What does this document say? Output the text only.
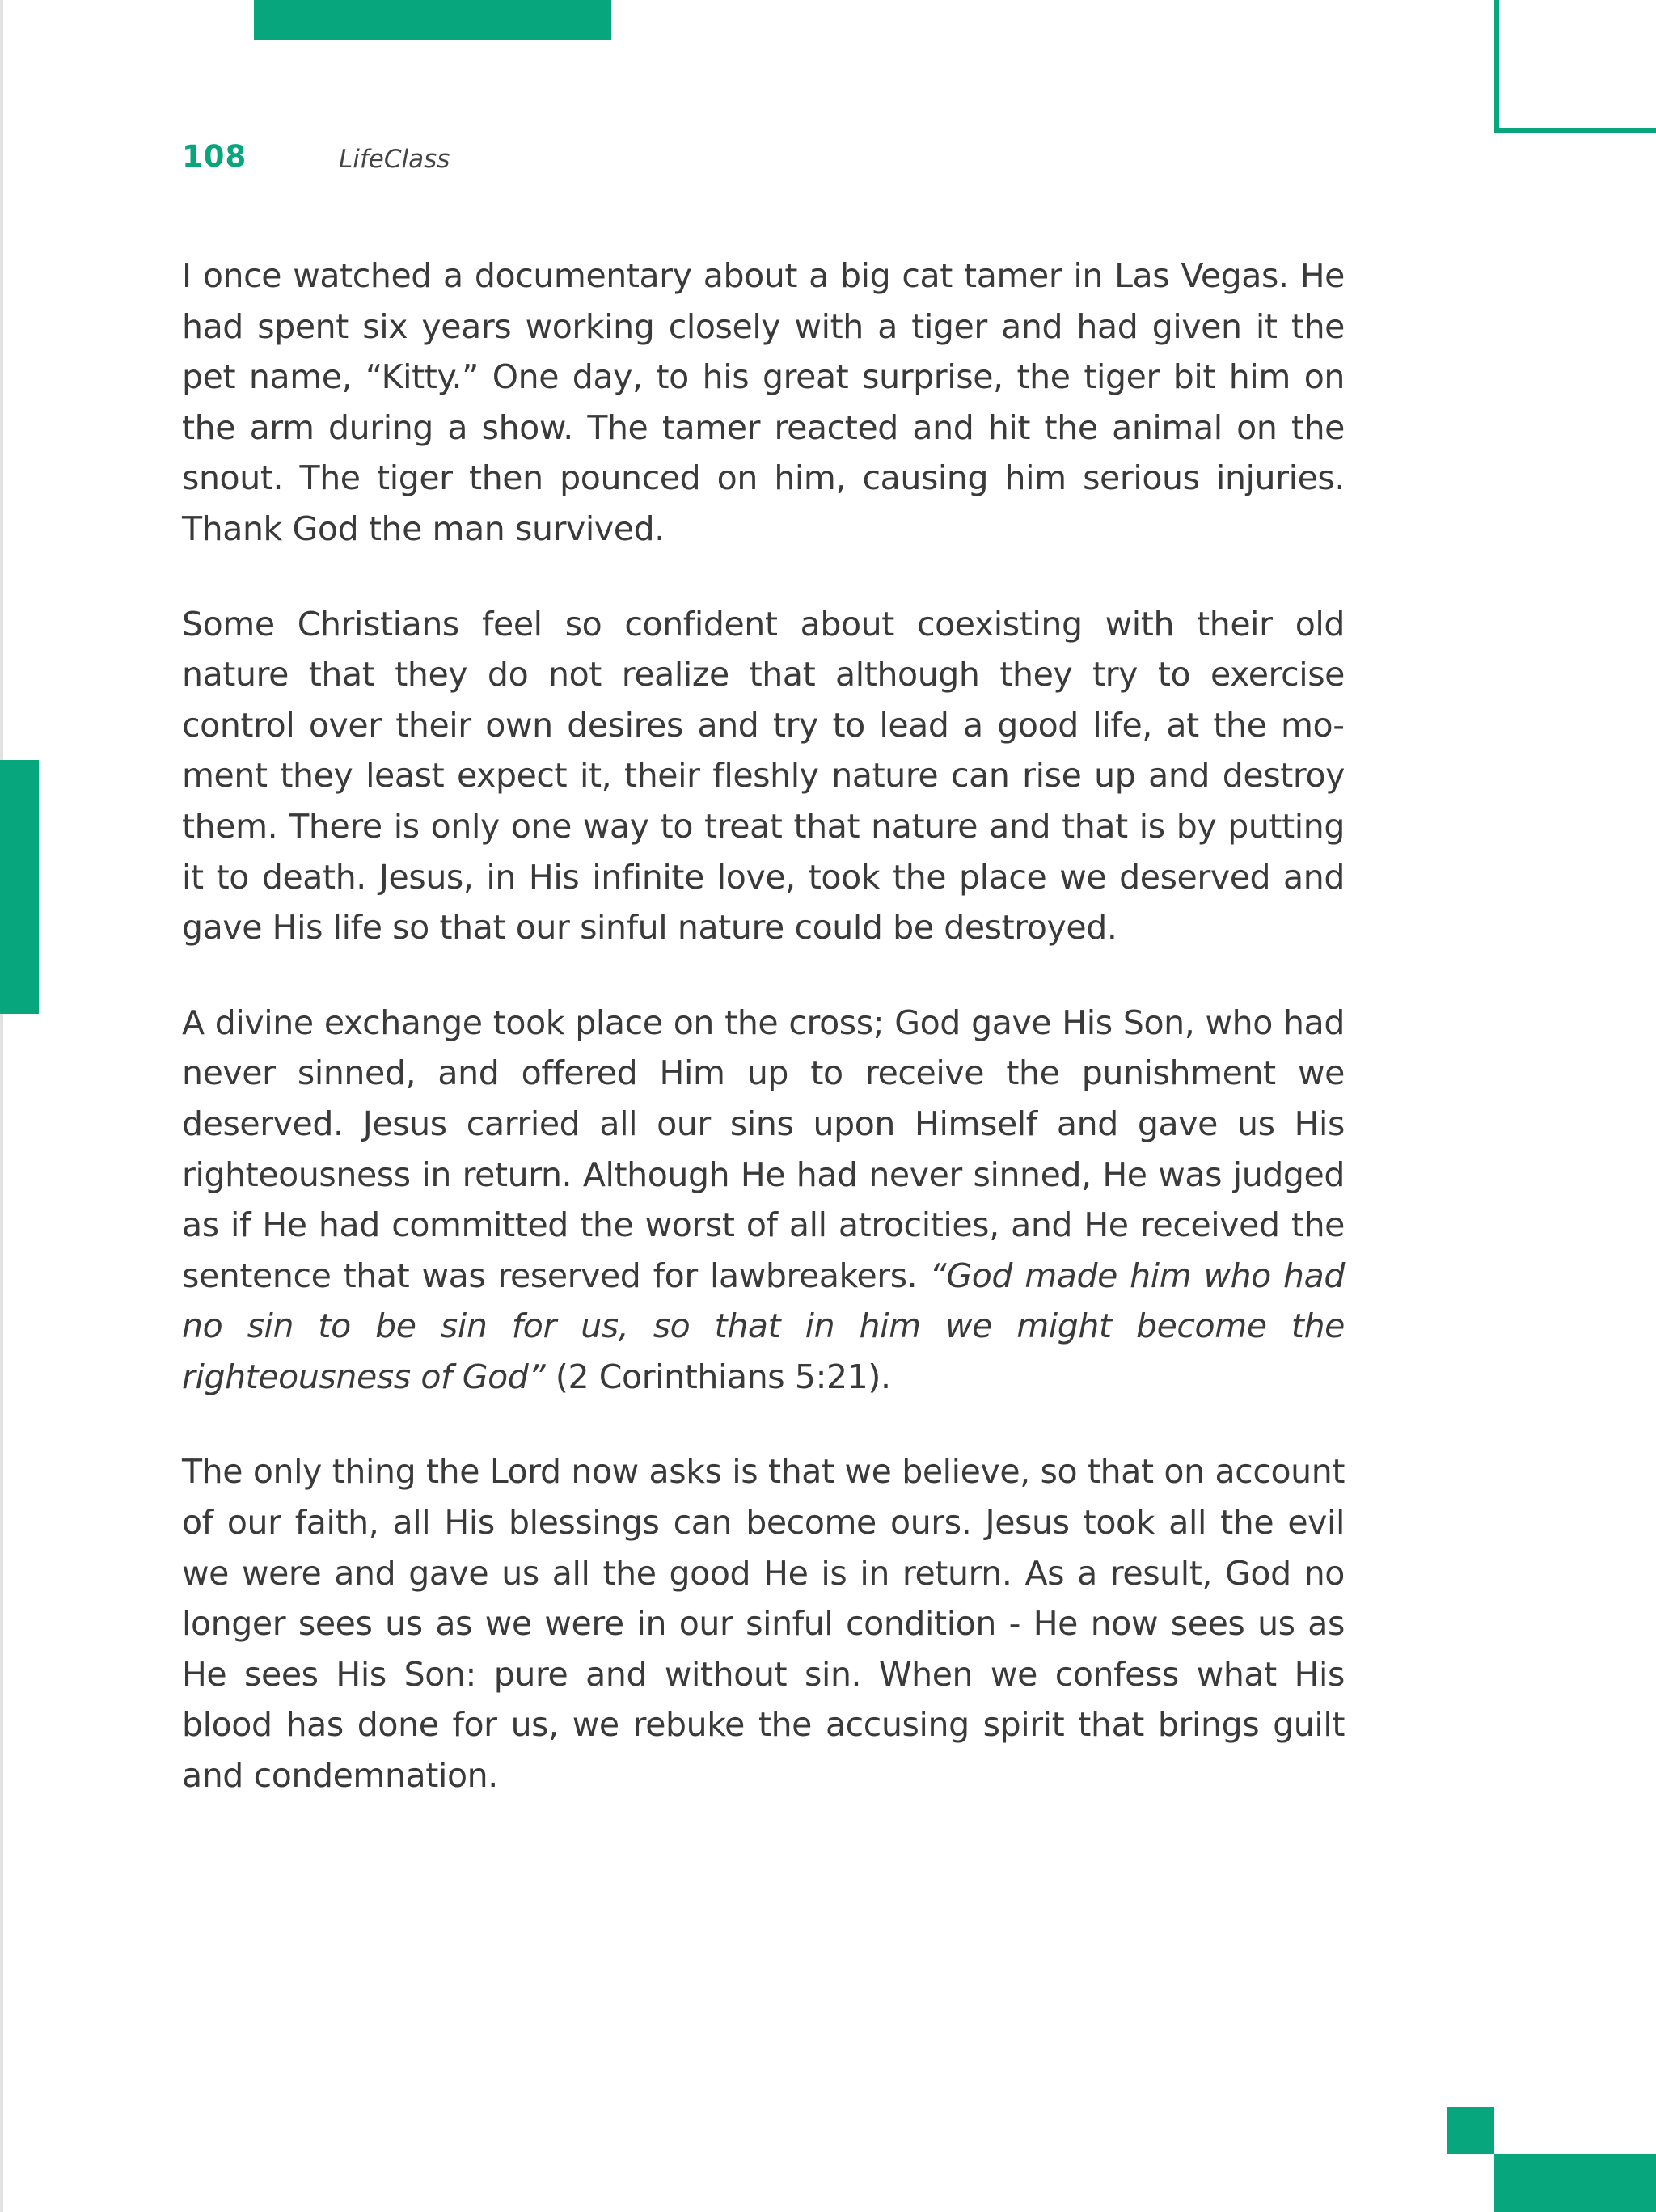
108	LifeClass

I once watched a documentary about a big cat tamer in Las Vegas. He had spent six years working closely with a tiger and had given it the pet name, “Kitty.” One day, to his great surprise, the tiger bit him on the arm during a show. The tamer reacted and hit the animal on the snout. The tiger then pounced on him, causing him serious injuries. Thank God the man survived.

Some Christians feel so confident about coexisting with their old nature that they do not realize that although they try to exercise control over their own desires and try to lead a good life, at the moment they least expect it, their fleshly nature can rise up and destroy them. There is only one way to treat that nature and that is by putting it to death. Jesus, in His infinite love, took the place we deserved and gave His life so that our sinful nature could be destroyed.

A divine exchange took place on the cross; God gave His Son, who had never sinned, and offered Him up to receive the punishment we deserved. Jesus carried all our sins upon Himself and gave us His righteousness in return. Although He had never sinned, He was judged as if He had committed the worst of all atrocities, and He received the sentence that was reserved for lawbreakers. “God made him who had no sin to be sin for us, so that in him we might become the righteousness of God” (2 Corinthians 5:21).

The only thing the Lord now asks is that we believe, so that on account of our faith, all His blessings can become ours. Jesus took all the evil we were and gave us all the good He is in return. As a result, God no longer sees us as we were in our sinful condition - He now sees us as He sees His Son: pure and without sin. When we confess what His blood has done for us, we rebuke the accusing spirit that brings guilt and condemnation.
